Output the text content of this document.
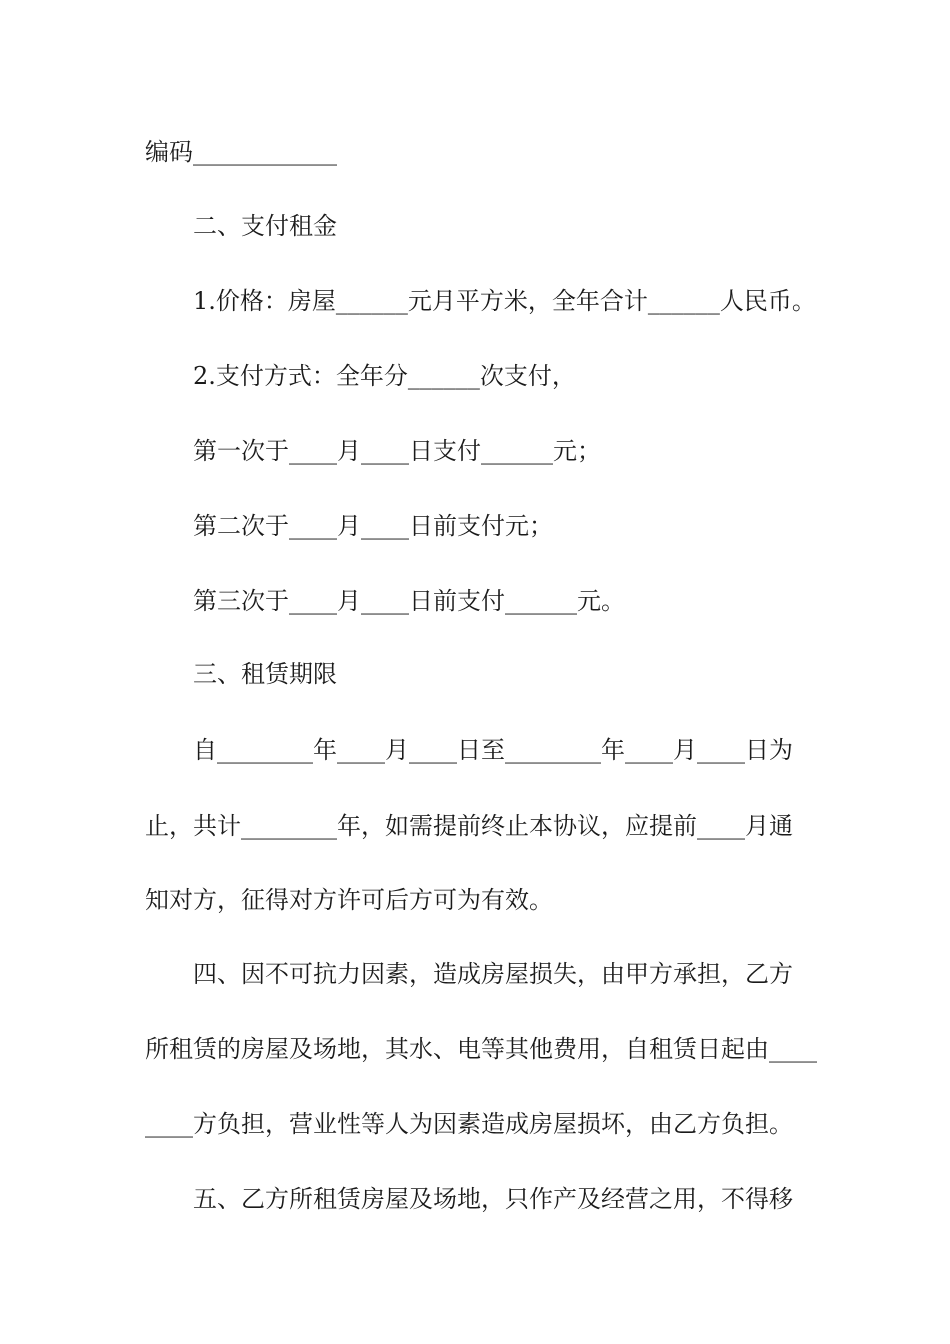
编码____________
二、支付租金
1.价格：房屋______元月平方米，全年合计______人民币。
2.支付方式：全年分______次支付，
第一次于____月____日支付______元；
第二次于____月____日前支付元；
第三次于____月____日前支付______元。
三、租赁期限
自________年____月____日至________年____月____日为
止，共计________年，如需提前终止本协议，应提前____月通
知对方，征得对方许可后方可为有效。
四、因不可抗力因素，造成房屋损失，由甲方承担，乙方
所租赁的房屋及场地，其水、电等其他费用，自租赁日起由____
____方负担，营业性等人为因素造成房屋损坏，由乙方负担。
五、乙方所租赁房屋及场地，只作产及经营之用，不得移
